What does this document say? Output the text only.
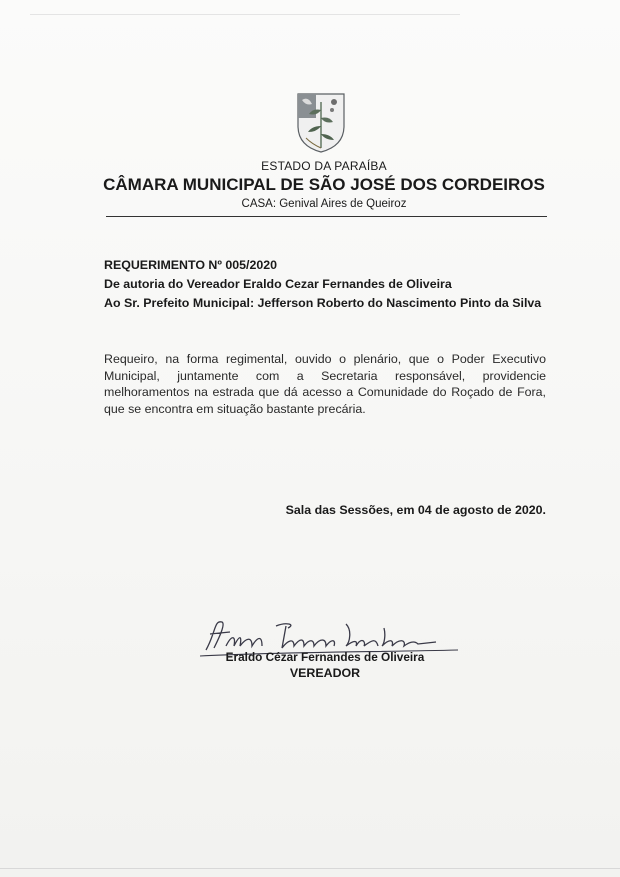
ESTADO DA PARAÍBA
CÂMARA MUNICIPAL DE SÃO JOSÉ DOS CORDEIROS
CASA: Genival Aires de Queiroz
REQUERIMENTO Nº 005/2020
De autoria do Vereador Eraldo Cezar Fernandes de Oliveira
Ao Sr. Prefeito Municipal: Jefferson Roberto do Nascimento Pinto da Silva
Requeiro, na forma regimental, ouvido o plenário, que o Poder Executivo Municipal, juntamente com a Secretaria responsável, providencie melhoramentos na estrada que dá acesso a Comunidade do Roçado de Fora, que se encontra em situação bastante precária.
Sala das Sessões, em 04 de agosto de 2020.
Eraldo Cézar Fernandes de Oliveira
VEREADOR
